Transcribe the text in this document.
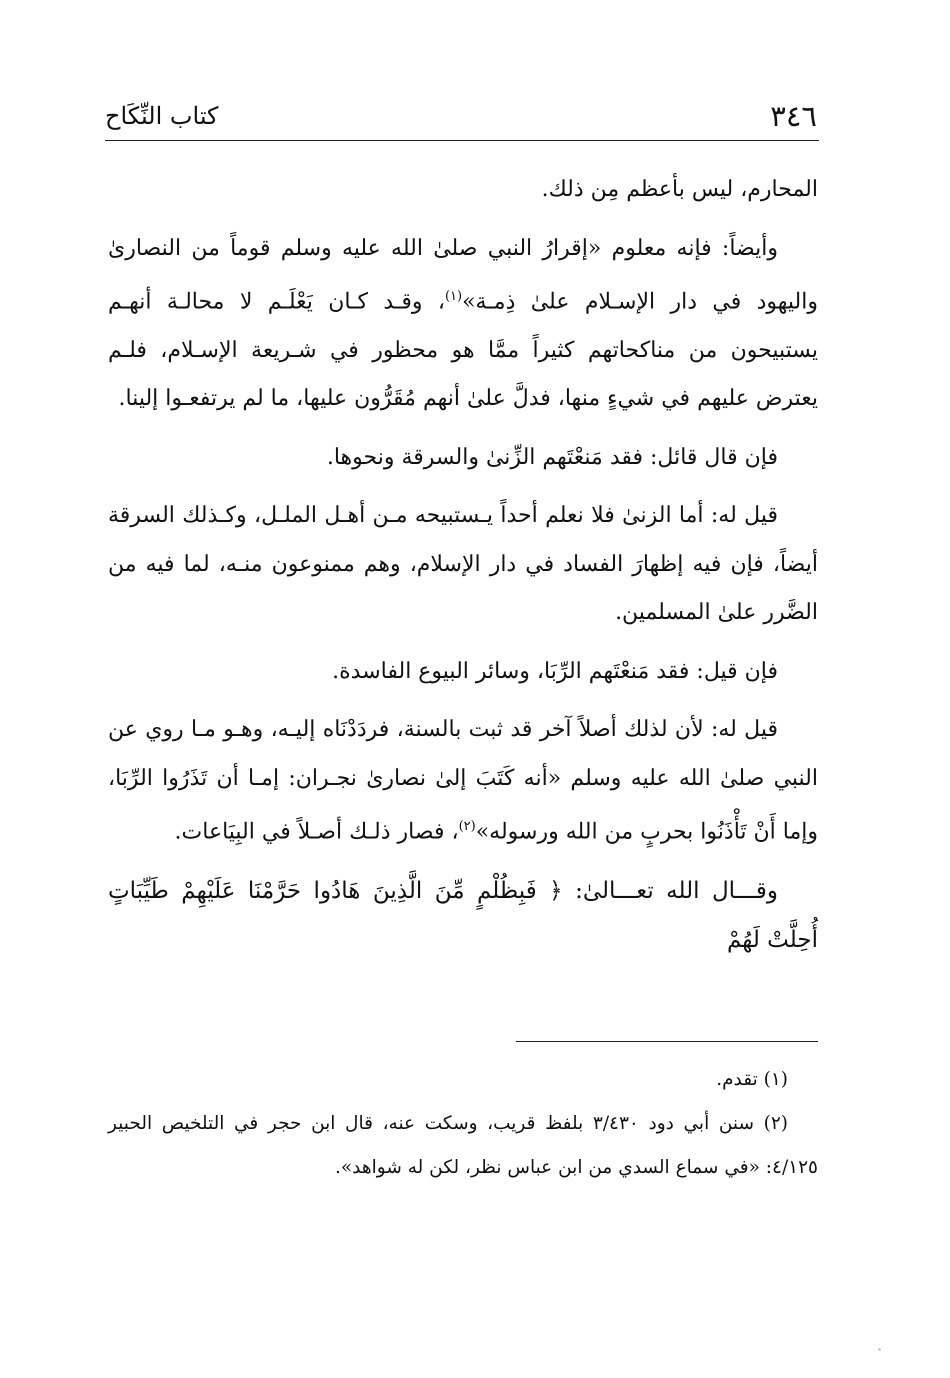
٣٤٦
كتاب النِّكَاح

المحارم، ليس بأعظم مِن ذلك.

وأيضاً: فإنه معلوم «إقرارُ النبي صلىٰ الله عليه وسلم قوماً من النصارىٰ واليهود في دار الإسـلام علىٰ ذِمـة»$^{(١)}$، وقـد كـان يَعْلَـم لا محالـة أنهـم يستبيحون من مناكحاتهم كثيراً ممَّا هو محظور في شـريعة الإسـلام، فلـم يعترض عليهم في شيءٍ منها، فدلَّ علىٰ أنهم مُقَرُّون عليها، ما لم يرتفعـوا إلينا.

فإن قال قائل: فقد مَنعْتَهم الزِّنىٰ والسرقة ونحوها.

قيل له: أما الزنىٰ فلا نعلم أحداً يـستبيحه مـن أهـل الملـل، وكـذلك السرقة أيضاً، فإن فيه إظهارَ الفساد في دار الإسلام، وهم ممنوعون منـه، لما فيه من الضَّرر علىٰ المسلمين.

فإن قيل: فقد مَنعْتَهم الرِّبَا، وسائر البيوع الفاسدة.

قيل له: لأن لذلك أصلاً آخر قد ثبت بالسنة، فردَدْنَاه إليـه، وهـو مـا روي عن النبي صلىٰ الله عليه وسلم «أنه كَتَبَ إلىٰ نصارىٰ نجـران: إمـا أن تَذَرُوا الرِّبَا، وإما أَنْ تَأْذَنُوا بحربٍ من الله ورسوله»$^{(٢)}$، فصار ذلـك أصـلاً في البِيَاعات.

وقـــال الله تعـــالىٰ: ﴿ فَبِظُلْمٍ مِّنَ الَّذِينَ هَادُوا حَرَّمْنَا عَلَيْهِمْ طَيِّبَاتٍ أُحِلَّتْ لَهُمْ

(١) تقدم.

(٢) سنن أبي دود ٣/٤٣٠ بلفظ قريب، وسكت عنه، قال ابن حجر في التلخيص الحبير ٤/١٢٥: «في سماع السدي من ابن عباس نظر، لكن له شواهد».
